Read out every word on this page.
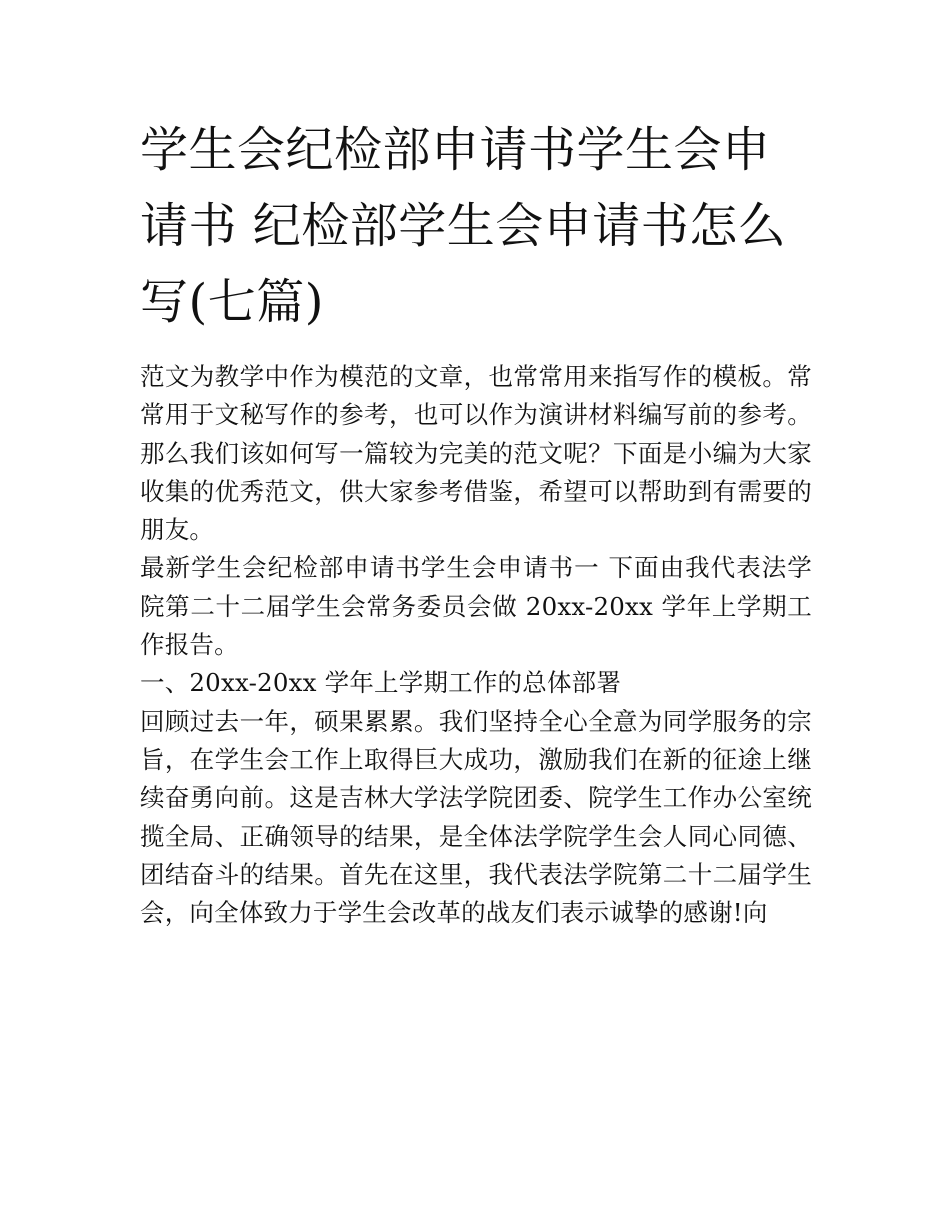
学生会纪检部申请书学生会申请书 纪检部学生会申请书怎么写(七篇)

范文为教学中作为模范的文章，也常常用来指写作的模板。常常用于文秘写作的参考，也可以作为演讲材料编写前的参考。那么我们该如何写一篇较为完美的范文呢？下面是小编为大家收集的优秀范文，供大家参考借鉴，希望可以帮助到有需要的朋友。

最新学生会纪检部申请书学生会申请书一 下面由我代表法学院第二十二届学生会常务委员会做 20xx-20xx 学年上学期工作报告。

一、20xx-20xx 学年上学期工作的总体部署

回顾过去一年，硕果累累。我们坚持全心全意为同学服务的宗旨，在学生会工作上取得巨大成功，激励我们在新的征途上继续奋勇向前。这是吉林大学法学院团委、院学生工作办公室统揽全局、正确领导的结果，是全体法学院学生会人同心同德、团结奋斗的结果。首先在这里，我代表法学院第二十二届学生会，向全体致力于学生会改革的战友们表示诚挚的感谢!向
